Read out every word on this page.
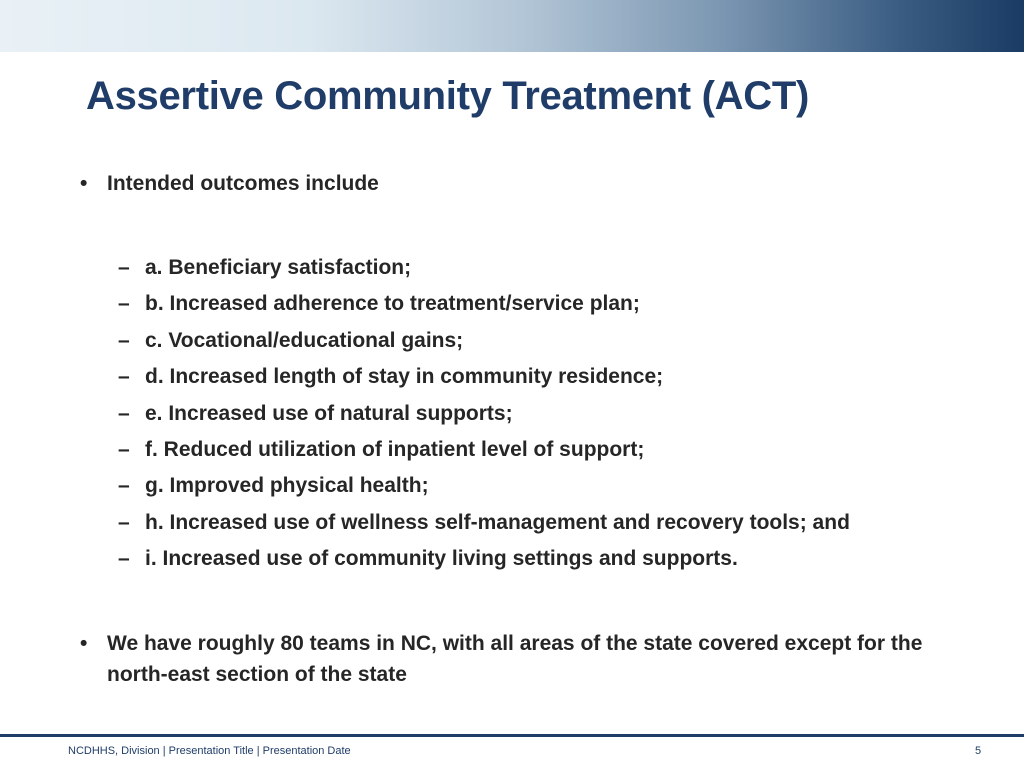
Assertive Community Treatment (ACT)
• Intended outcomes include
– a. Beneficiary satisfaction;
– b. Increased adherence to treatment/service plan;
– c. Vocational/educational gains;
– d. Increased length of stay in community residence;
– e. Increased use of natural supports;
– f. Reduced utilization of inpatient level of support;
– g. Improved physical health;
– h. Increased use of wellness self-management and recovery tools; and
– i. Increased use of community living settings and supports.
• We have roughly 80 teams in NC, with all areas of the state covered except for the north-east section of the state
NCDHHS, Division | Presentation Title | Presentation Date	5
